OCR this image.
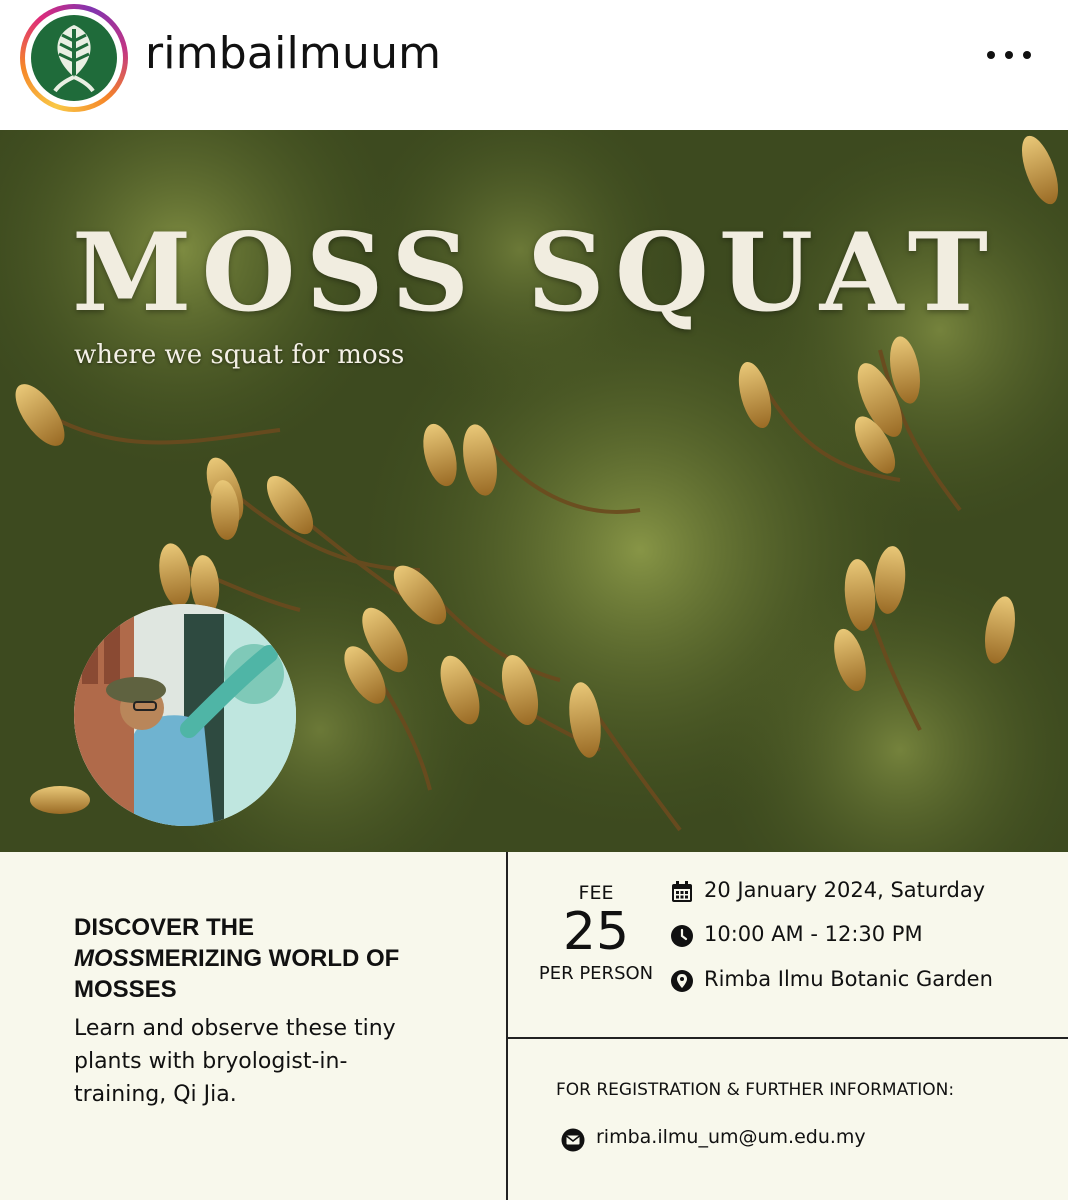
rimbailmuum
MOSS SQUAT
where we squat for moss
DISCOVER THE
MOSSMERIZING WORLD OF MOSSES
Learn and observe these tiny plants with bryologist-in-training, Qi Jia.
FEE
25
PER PERSON
20 January 2024, Saturday
10:00 AM - 12:30 PM
Rimba Ilmu Botanic Garden
FOR REGISTRATION & FURTHER INFORMATION:
rimba.ilmu_um@um.edu.my
